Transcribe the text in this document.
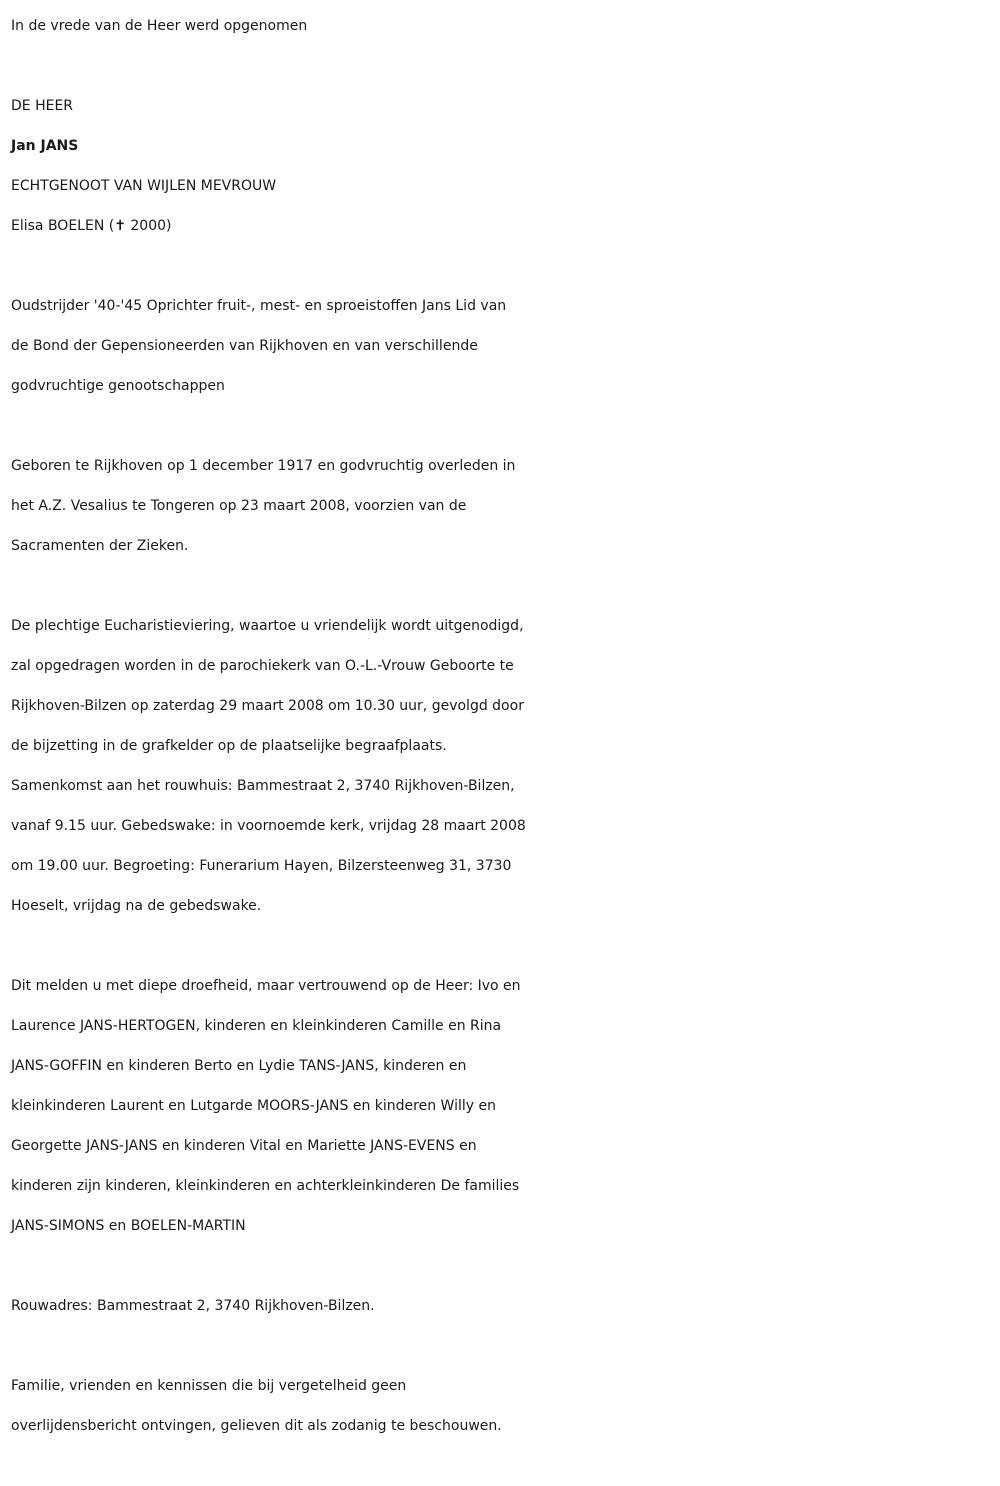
In de vrede van de Heer werd opgenomen

DE HEER

Jan JANS

ECHTGENOOT VAN WIJLEN MEVROUW

Elisa BOELEN (✝ 2000)

Oudstrijder '40-'45 Oprichter fruit-, mest- en sproeistoffen Jans Lid van

de Bond der Gepensioneerden van Rijkhoven en van verschillende

godvruchtige genootschappen

Geboren te Rijkhoven op 1 december 1917 en godvruchtig overleden in

het A.Z. Vesalius te Tongeren op 23 maart 2008, voorzien van de

Sacramenten der Zieken.

De plechtige Eucharistieviering, waartoe u vriendelijk wordt uitgenodigd,

zal opgedragen worden in de parochiekerk van O.-L.-Vrouw Geboorte te

Rijkhoven-Bilzen op zaterdag 29 maart 2008 om 10.30 uur, gevolgd door

de bijzetting in de grafkelder op de plaatselijke begraafplaats.

Samenkomst aan het rouwhuis: Bammestraat 2, 3740 Rijkhoven-Bilzen,

vanaf 9.15 uur. Gebedswake: in voornoemde kerk, vrijdag 28 maart 2008

om 19.00 uur. Begroeting: Funerarium Hayen, Bilzersteenweg 31, 3730

Hoeselt, vrijdag na de gebedswake.

Dit melden u met diepe droefheid, maar vertrouwend op de Heer: Ivo en

Laurence JANS-HERTOGEN, kinderen en kleinkinderen Camille en Rina

JANS-GOFFIN en kinderen Berto en Lydie TANS-JANS, kinderen en

kleinkinderen Laurent en Lutgarde MOORS-JANS en kinderen Willy en

Georgette JANS-JANS en kinderen Vital en Mariette JANS-EVENS en

kinderen zijn kinderen, kleinkinderen en achterkleinkinderen De families

JANS-SIMONS en BOELEN-MARTIN

Rouwadres: Bammestraat 2, 3740 Rijkhoven-Bilzen.

Familie, vrienden en kennissen die bij vergetelheid geen

overlijdensbericht ontvingen, gelieven dit als zodanig te beschouwen.
